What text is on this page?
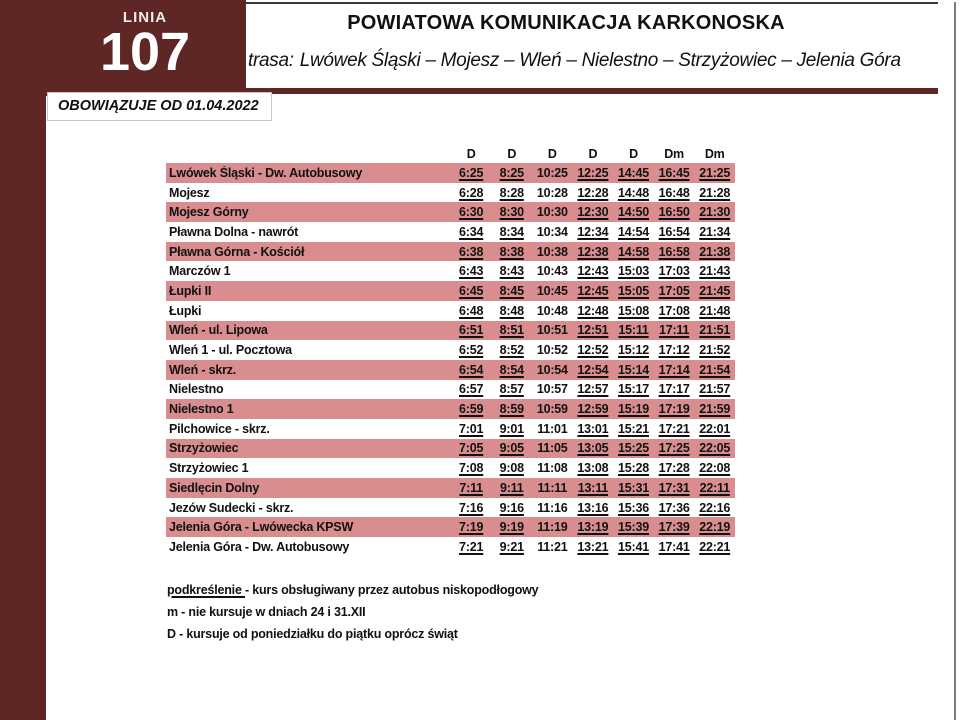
LINIA
107	POWIATOWA KOMUNIKACJA KARKONOSKA
trasa: Lwówek Śląski – Mojesz – Wleń – Nielestno – Strzyżowiec – Jelenia Góra
OBOWIĄZUJE OD 01.04.2022
D	D	D	D	D	Dm	Dm
Lwówek Śląski - Dw. Autobusowy	6:25	8:25	10:25 12:25 14:45 16:45 21:25
Mojesz	6:28	8:28	10:28 12:28 14:48 16:48 21:28
Mojesz Górny	6:30	8:30	10:30 12:30 14:50 16:50 21:30
Pławna Dolna - nawrót	6:34	8:34	10:34 12:34 14:54 16:54 21:34
Pławna Górna - Kościół	6:38	8:38	10:38 12:38 14:58 16:58 21:38
Marczów 1	6:43	8:43	10:43 12:43 15:03 17:03 21:43
Łupki II	6:45	8:45	10:45 12:45 15:05 17:05 21:45
Łupki	6:48	8:48	10:48 12:48 15:08 17:08 21:48
Wleń - ul. Lipowa	6:51	8:51	10:51 12:51 15:11 17:11 21:51
Wleń 1 - ul. Pocztowa	6:52	8:52	10:52 12:52 15:12 17:12 21:52
Wleń - skrz.	6:54	8:54	10:54 12:54 15:14 17:14 21:54
Nielestno	6:57	8:57	10:57 12:57 15:17 17:17 21:57
Nielestno 1	6:59	8:59	10:59 12:59 15:19 17:19 21:59
Pilchowice - skrz.	7:01	9:01	11:01 13:01 15:21 17:21 22:01
Strzyżowiec	7:05	9:05	11:05 13:05 15:25 17:25 22:05
Strzyżowiec 1	7:08	9:08	11:08 13:08 15:28 17:28 22:08
Siedlęcin Dolny	7:11	9:11	11:11 13:11 15:31 17:31 22:11
Jezów Sudecki - skrz.	7:16	9:16	11:16 13:16 15:36 17:36 22:16
Jelenia Góra - Lwówecka KPSW	7:19	9:19	11:19 13:19 15:39 17:39 22:19
Jelenia Góra - Dw. Autobusowy	7:21	9:21	11:21 13:21 15:41 17:41 22:21
podkreślenie - kurs obsługiwany przez autobus niskopodłogowy
m - nie kursuje w dniach 24 i 31.XII
D - kursuje od poniedziałku do piątku oprócz świąt
